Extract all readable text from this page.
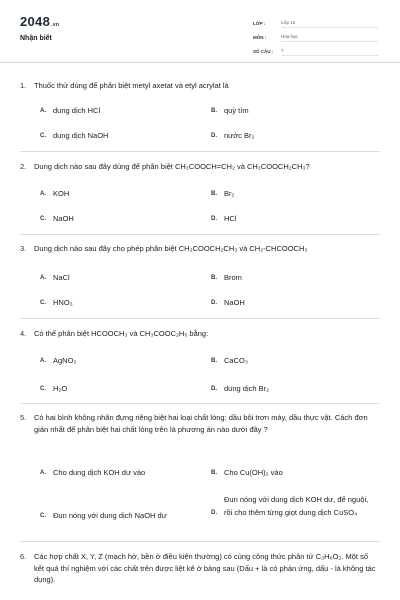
2048.vn
Nhận biết
LỚP :	Lớp 12
MÔN :	Hóa học
SỐ CÂU :	7
1.	Thuốc thử dùng để phân biệt metyl axetat và etyl acrylat là
A. dung dịch HCl	B. quỳ tím
C. dung dịch NaOH	D. nước Br₂
2.	Dung dịch nào sau đây dùng để phân biệt CH₃COOCH=CH₂ và CH₃COOCH₂CH₃?
A. KOH	B. Br₂
C. NaOH	D. HCl
3.	Dung dịch nào sau đây cho phép phân biệt CH₃COOCH₂CH₃ và CH₂-CHCOOCH₃
A. NaCl	B. Brom
C. HNO₃	D. NaOH
4.	Có thể phân biệt HCOOCH₃ và CH₃COOC₂H₅ bằng:
A. AgNO₃	B. CaCO₃
C. H₂O	D. dung dịch Br₂
5.	Có hai bình không nhãn đựng riêng biệt hai loại chất lỏng: dầu bôi trơn máy, dầu thực vật. Cách đơn giản nhất để phân biệt hai chất lỏng trên là phương án nào dưới đây ?
A. Cho dung dịch KOH dư vào	B. Cho Cu(OH)₂ vào
C. Đun nóng với dung dịch NaOH dư	D.
Đun nóng với dung dịch KOH dư, để nguội, rồi cho thêm từng giọt dung dịch CuSO₄
6.	Các hợp chất X, Y, Z (mạch hở, bền ở điều kiện thường) có cùng công thức phân tử C₃H₆O₂. Một số kết quả thí nghiệm với các chất trên được liệt kê ở bảng sau (Dấu + là có phản ứng, dấu - là không tác dụng).
